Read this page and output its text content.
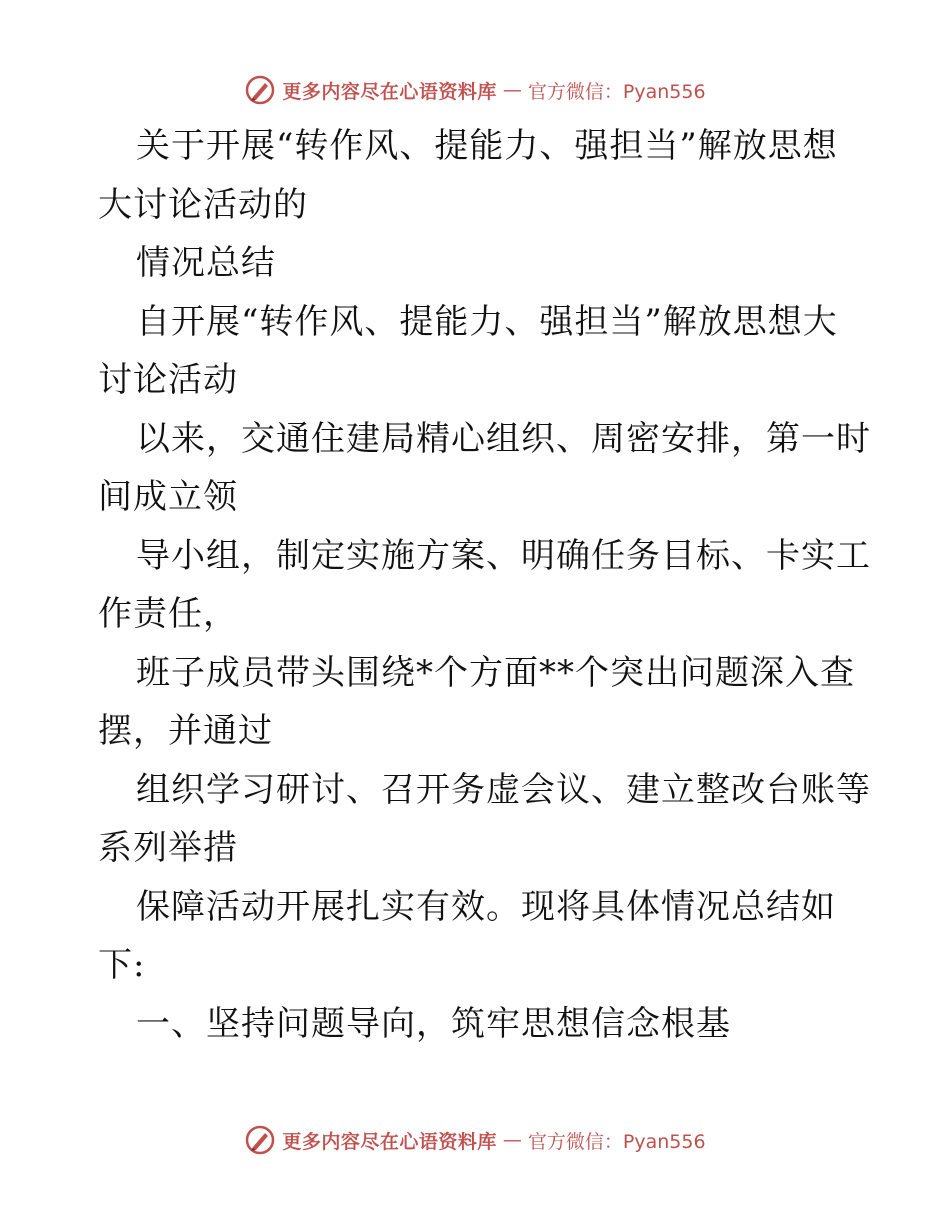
更多内容尽在心语资料库 — 官方微信：Pyan556
关于开展“转作风、提能力、强担当”解放思想
大讨论活动的
情况总结
自开展“转作风、提能力、强担当”解放思想大
讨论活动
以来，交通住建局精心组织、周密安排，第一时
间成立领
导小组，制定实施方案、明确任务目标、卡实工
作责任，
班子成员带头围绕*个方面**个突出问题深入查
摆，并通过
组织学习研讨、召开务虚会议、建立整改台账等
系列举措
保障活动开展扎实有效。现将具体情况总结如
下:
一、坚持问题导向，筑牢思想信念根基
更多内容尽在心语资料库 — 官方微信：Pyan556
